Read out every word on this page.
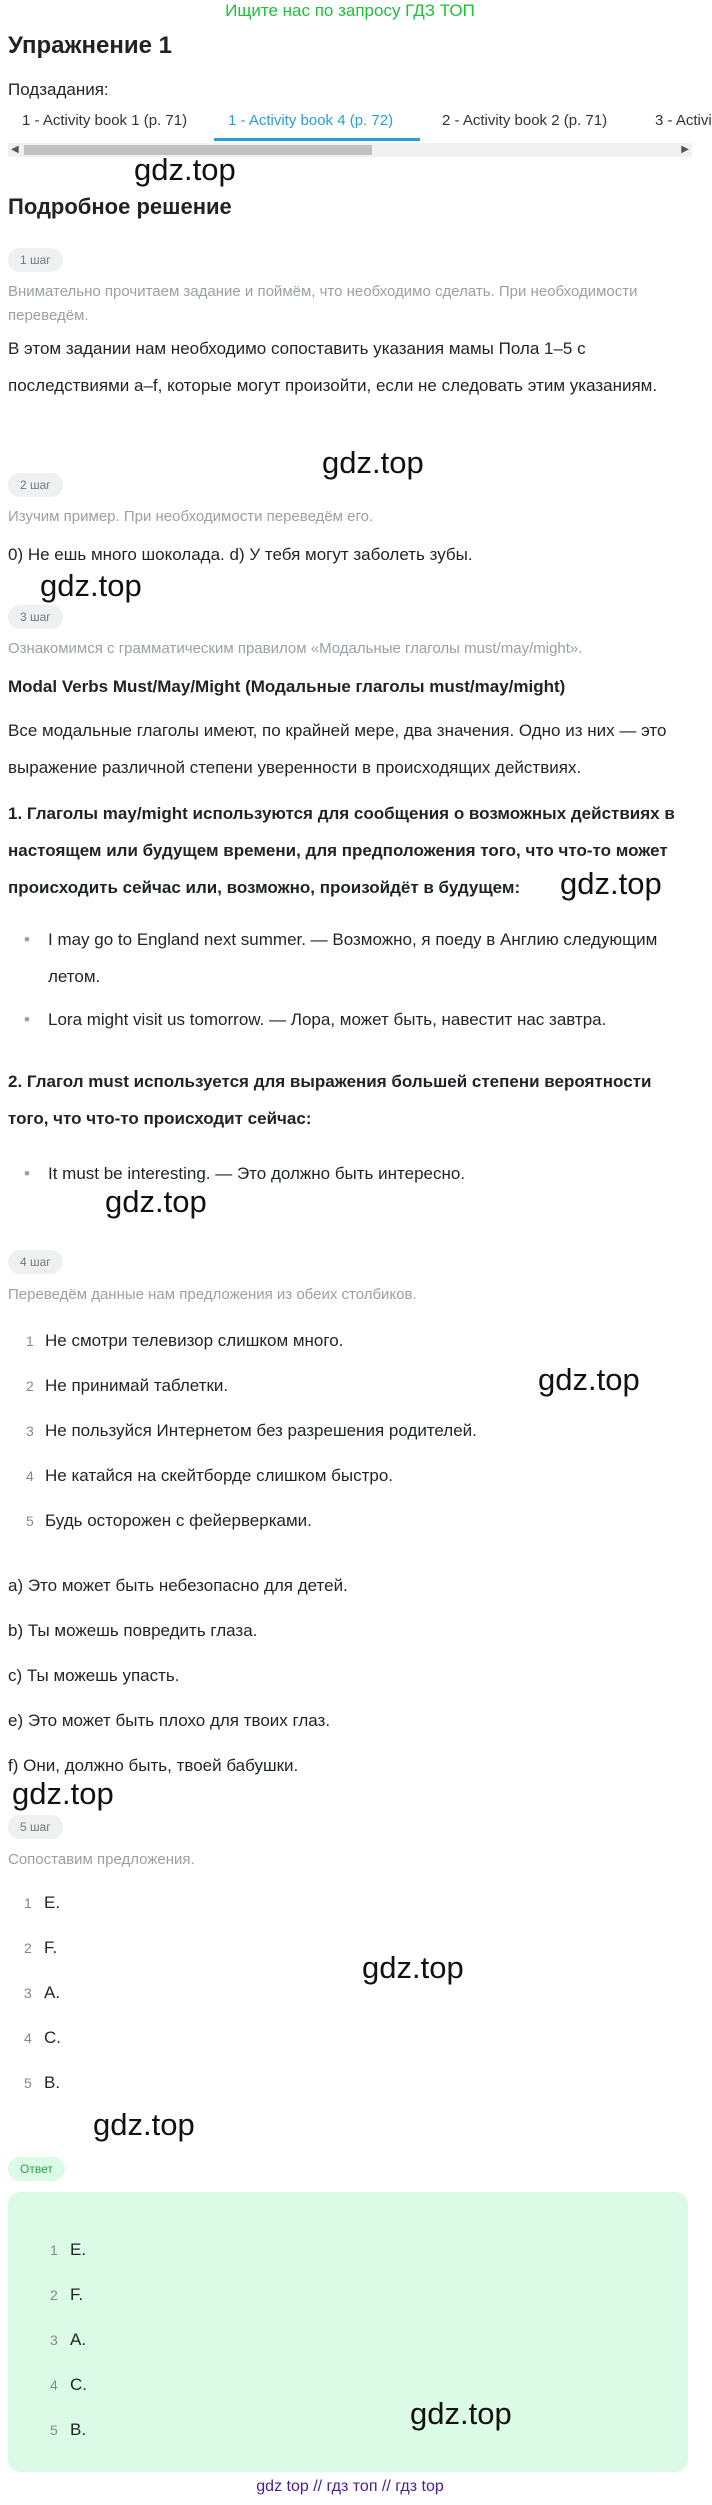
Ищите нас по запросу ГДЗ ТОП
Упражнение 1
Подзадания:
1 - Activity book 1 (p. 71)	1 - Activity book 4 (p. 72)	2 - Activity book 2 (p. 71)	3 - Activi
◀	▶
gdz.top
Подробное решение
1 шаг
Внимательно прочитаем задание и поймём, что необходимо сделать. При необходимости переведём.
В этом задании нам необходимо сопоставить указания мамы Пола 1–5 с последствиями a–f, которые могут произойти, если не следовать этим указаниям.
gdz.top
2 шаг
Изучим пример. При необходимости переведём его.
0) Не ешь много шоколада. d) У тебя могут заболеть зубы.
gdz.top
3 шаг
Ознакомимся с грамматическим правилом «Модальные глаголы must/may/might».
Modal Verbs Must/May/Might (Модальные глаголы must/may/might)
Все модальные глаголы имеют, по крайней мере, два значения. Одно из них — это выражение различной степени уверенности в происходящих действиях.
1. Глаголы may/might используются для сообщения о возможных действиях в настоящем или будущем времени, для предположения того, что что-то может происходить сейчас или, возможно, произойдёт в будущем:	gdz.top
•	I may go to England next summer. — Возможно, я поеду в Англию следующим летом.
•	Lora might visit us tomorrow. — Лора, может быть, навестит нас завтра.
2. Глагол must используется для выражения большей степени вероятности того, что что-то происходит сейчас:
•	It must be interesting. — Это должно быть интересно.
gdz.top
4 шаг
Переведём данные нам предложения из обеих столбиков.
1 Не смотри телевизор слишком много.
2 Не принимай таблетки.
3 Не пользуйся Интернетом без разрешения родителей.
4 Не катайся на скейтборде слишком быстро.
5 Будь осторожен с фейерверками.
gdz.top
a) Это может быть небезопасно для детей.
b) Ты можешь повредить глаза.
c) Ты можешь упасть.
e) Это может быть плохо для твоих глаз.
f) Они, должно быть, твоей бабушки.
gdz.top
5 шаг
Сопоставим предложения.
1 E.
2 F.
3 A.
4 C.
5 B.
gdz.top
gdz.top
Ответ
1 E.
2 F.
3 A.
4 C.
5 B.	gdz.top
gdz top // гдз топ // гдз top
